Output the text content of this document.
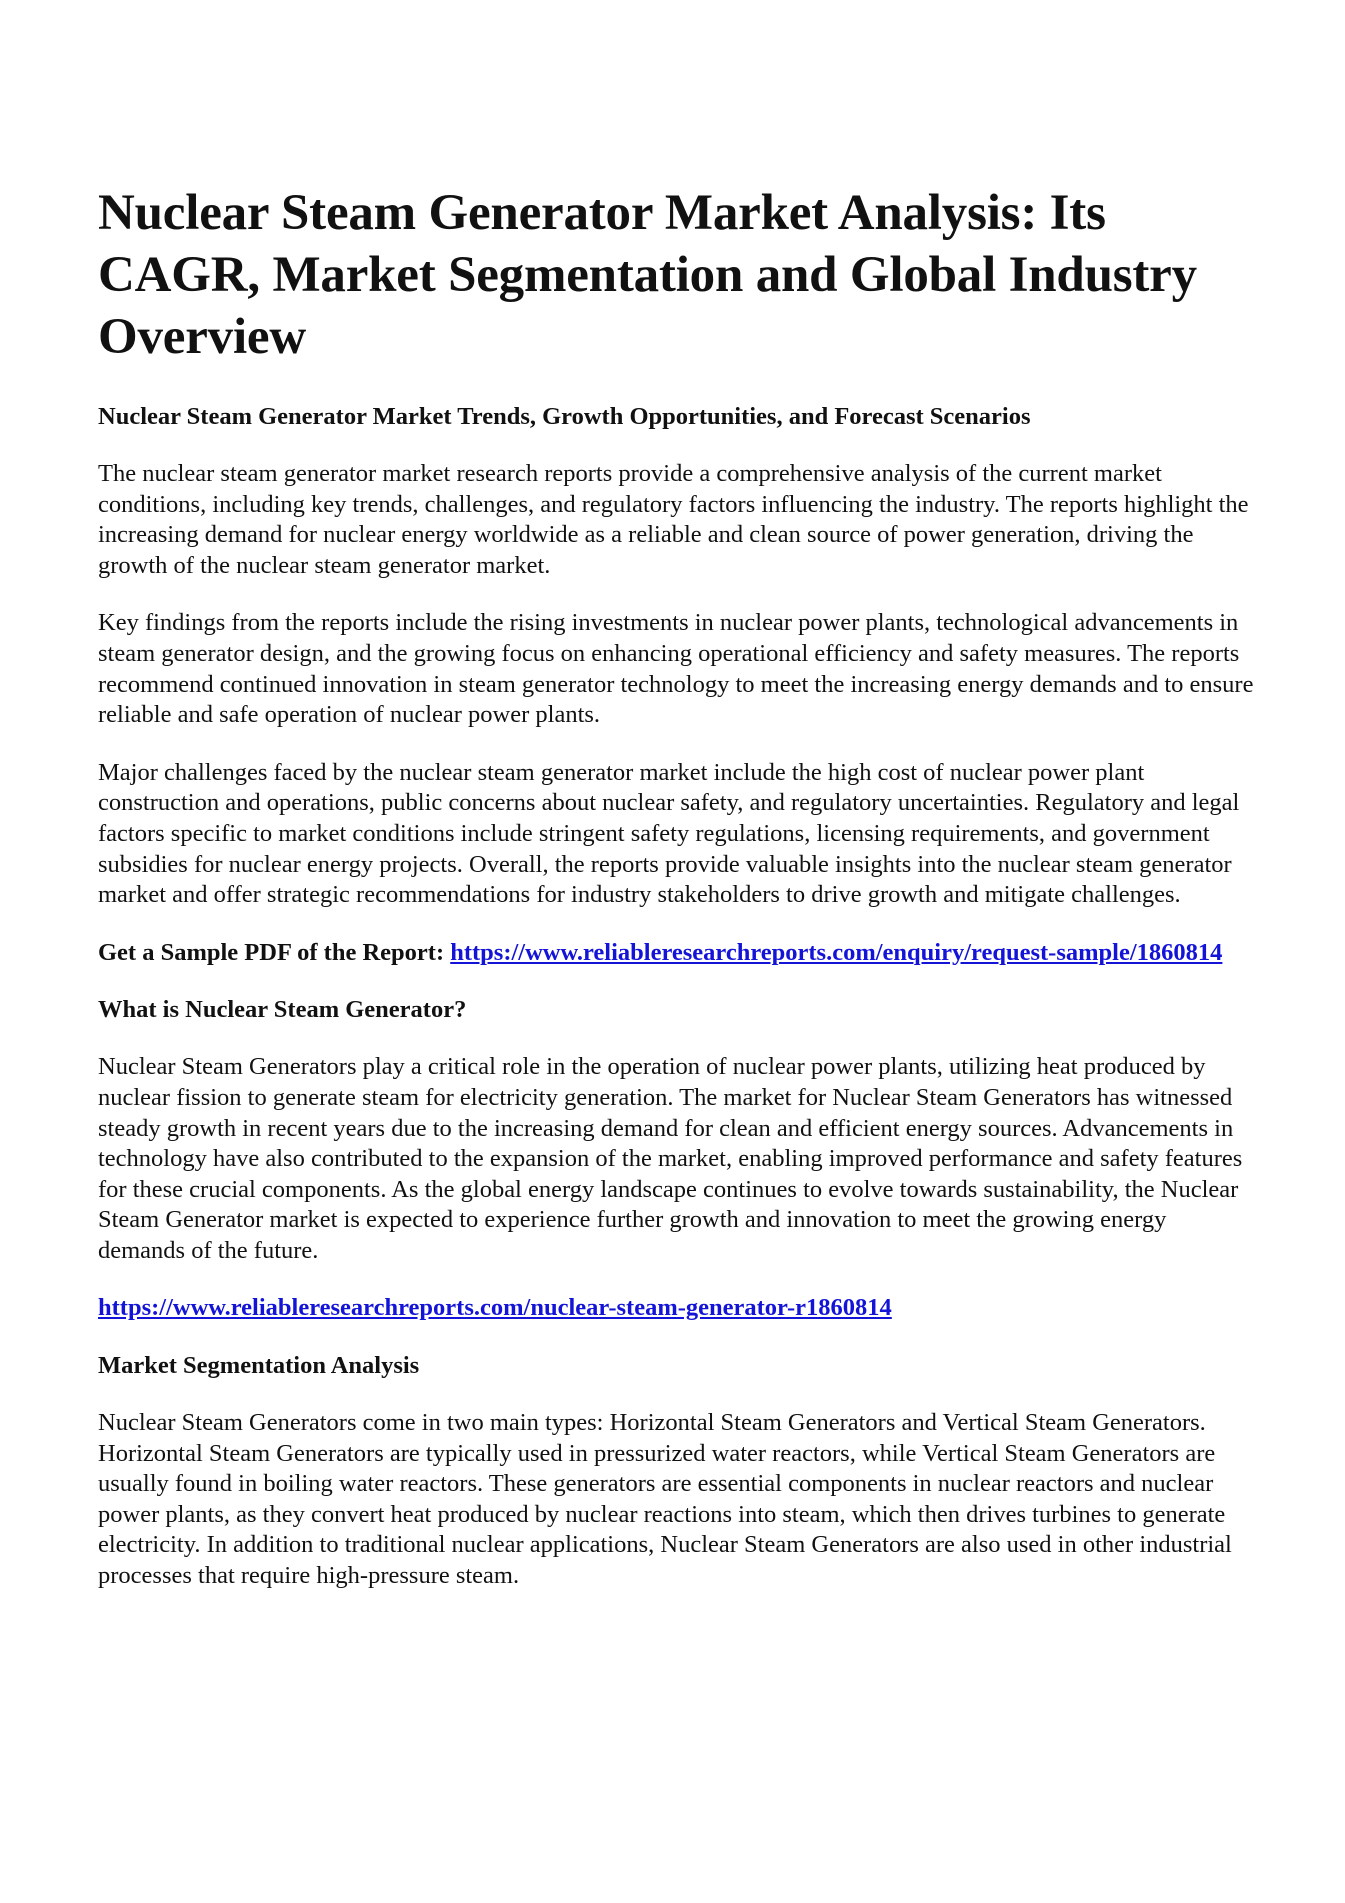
Nuclear Steam Generator Market Analysis: Its CAGR, Market Segmentation and Global Industry Overview
Nuclear Steam Generator Market Trends, Growth Opportunities, and Forecast Scenarios

The nuclear steam generator market research reports provide a comprehensive analysis of the current market conditions, including key trends, challenges, and regulatory factors influencing the industry. The reports highlight the increasing demand for nuclear energy worldwide as a reliable and clean source of power generation, driving the growth of the nuclear steam generator market.

Key findings from the reports include the rising investments in nuclear power plants, technological advancements in steam generator design, and the growing focus on enhancing operational efficiency and safety measures. The reports recommend continued innovation in steam generator technology to meet the increasing energy demands and to ensure reliable and safe operation of nuclear power plants.

Major challenges faced by the nuclear steam generator market include the high cost of nuclear power plant construction and operations, public concerns about nuclear safety, and regulatory uncertainties. Regulatory and legal factors specific to market conditions include stringent safety regulations, licensing requirements, and government subsidies for nuclear energy projects. Overall, the reports provide valuable insights into the nuclear steam generator market and offer strategic recommendations for industry stakeholders to drive growth and mitigate challenges.

Get a Sample PDF of the Report: https://www.reliableresearchreports.com/enquiry/request-sample/1860814

What is Nuclear Steam Generator?

Nuclear Steam Generators play a critical role in the operation of nuclear power plants, utilizing heat produced by nuclear fission to generate steam for electricity generation. The market for Nuclear Steam Generators has witnessed steady growth in recent years due to the increasing demand for clean and efficient energy sources. Advancements in technology have also contributed to the expansion of the market, enabling improved performance and safety features for these crucial components. As the global energy landscape continues to evolve towards sustainability, the Nuclear Steam Generator market is expected to experience further growth and innovation to meet the growing energy demands of the future.

https://www.reliableresearchreports.com/nuclear-steam-generator-r1860814

Market Segmentation Analysis

Nuclear Steam Generators come in two main types: Horizontal Steam Generators and Vertical Steam Generators. Horizontal Steam Generators are typically used in pressurized water reactors, while Vertical Steam Generators are usually found in boiling water reactors. These generators are essential components in nuclear reactors and nuclear power plants, as they convert heat produced by nuclear reactions into steam, which then drives turbines to generate electricity. In addition to traditional nuclear applications, Nuclear Steam Generators are also used in other industrial processes that require high-pressure steam.
